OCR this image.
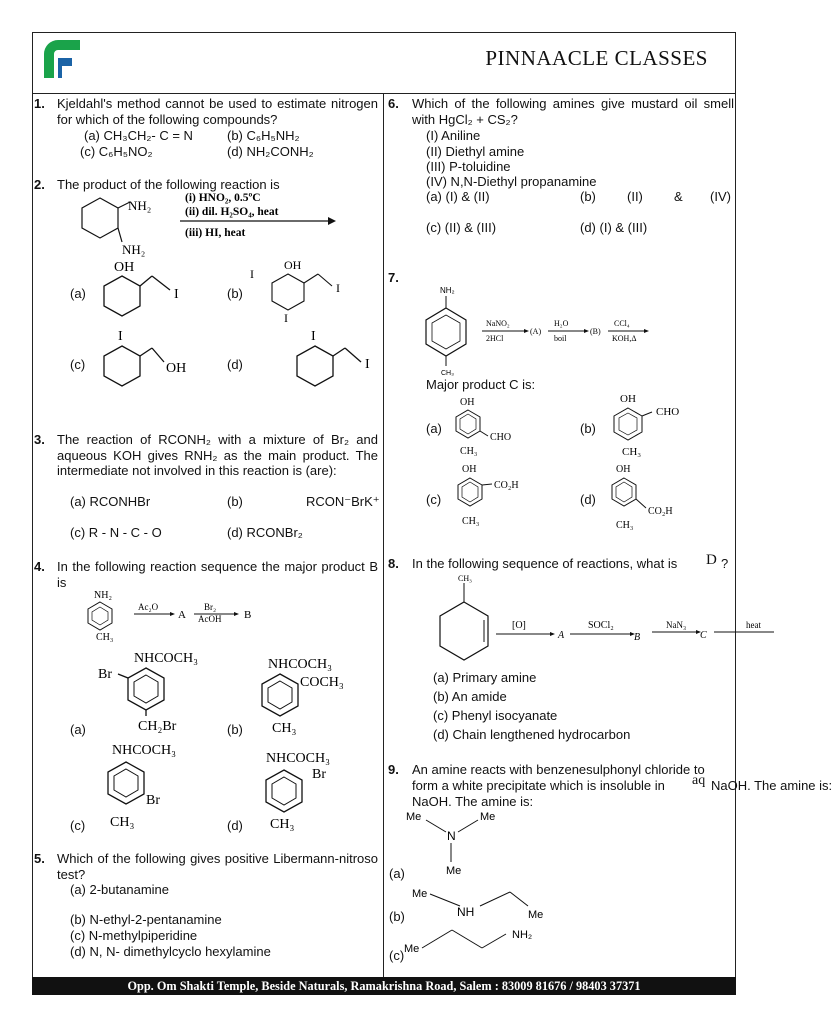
PINNAACLE CLASSES
Opp. Om Shakti Temple, Beside Naturals, Ramakrishna Road, Salem : 83009 81676 / 98403 37371
1. Kjeldahl's method cannot be used to estimate nitrogen for which of the following compounds?
(a) CH₃CH₂- C = N	(b) C₆H₅NH₂
(c) C₆H₅NO₂	(d) NH₂CONH₂
2. The product of the following reaction is
NH₂
NH₂
(i) HNO₂, 0.5ºC
(ii) dil. H₂SO₄, heat
(iii) HI, heat
(a)
OH
I	(b)
OH
I
I
I
(c)
I
OH	(d)
I
I
3. The reaction of RCONH₂ with a mixture of Br₂ and aqueous KOH gives RNH₂ as the main product. The intermediate not involved in this reaction is (are):
(a) RCONHBr	(b)	RCON⁻BrK⁺
(c) R - N - C - O	(d) RCONBr₂
4. In the following reaction sequence the major product B is
NH₂
CH₃
Ac₂O
A
Br₂
AcOH B
(a)
NHCOCH₃
Br
CH₂Br	(b)
NHCOCH₃
COCH₃
CH₃
(c)
NHCOCH₃
Br
CH₃	(d)
NHCOCH₃
Br
CH₃
5. Which of the following gives positive Libermann-nitroso test?
(a) 2-butanamine
(b) N-ethyl-2-pentanamine
(c) N-methylpiperidine
(d) N, N- dimethylcyclo hexylamine
6. Which of the following amines give mustard oil smell with HgCl₂ + CS₂?
(I) Aniline
(II) Diethyl amine
(III) P-toluidine
(IV) N,N-Diethyl propanamine
(a) (I) & (II)	(b) (II) & (IV)
(c) (II) & (III)	(d) (I) & (III)
7.
NH₂
CH₃
NaNO₂
2HCl
(A)
H₂O
boil
(B)
CCl₄
KOH,Δ
Major product C is:
(a)
OH
CHO
CH₃
(b)
OH
CHO
CH₃
(c)
OH
CO₂H
CH₃
(d)
OH
CO₂H
CH₃
8. In the following sequence of reactions, what is D ?
CH₃
[O]
A
SOCl₂
B
NaN₃
C
heat
(a) Primary amine
(b) An amide
(c) Phenyl isocyanate
(d) Chain lengthened hydrocarbon
9. An amine reacts with benzenesulphonyl chloride to
form a white precipitate which is insoluble in aq NaOH. The amine is:
NaOH. The amine is:
(a)
Me
N
Me
Me
(b)
Me
NH	Me
(c) Me
NH₂
